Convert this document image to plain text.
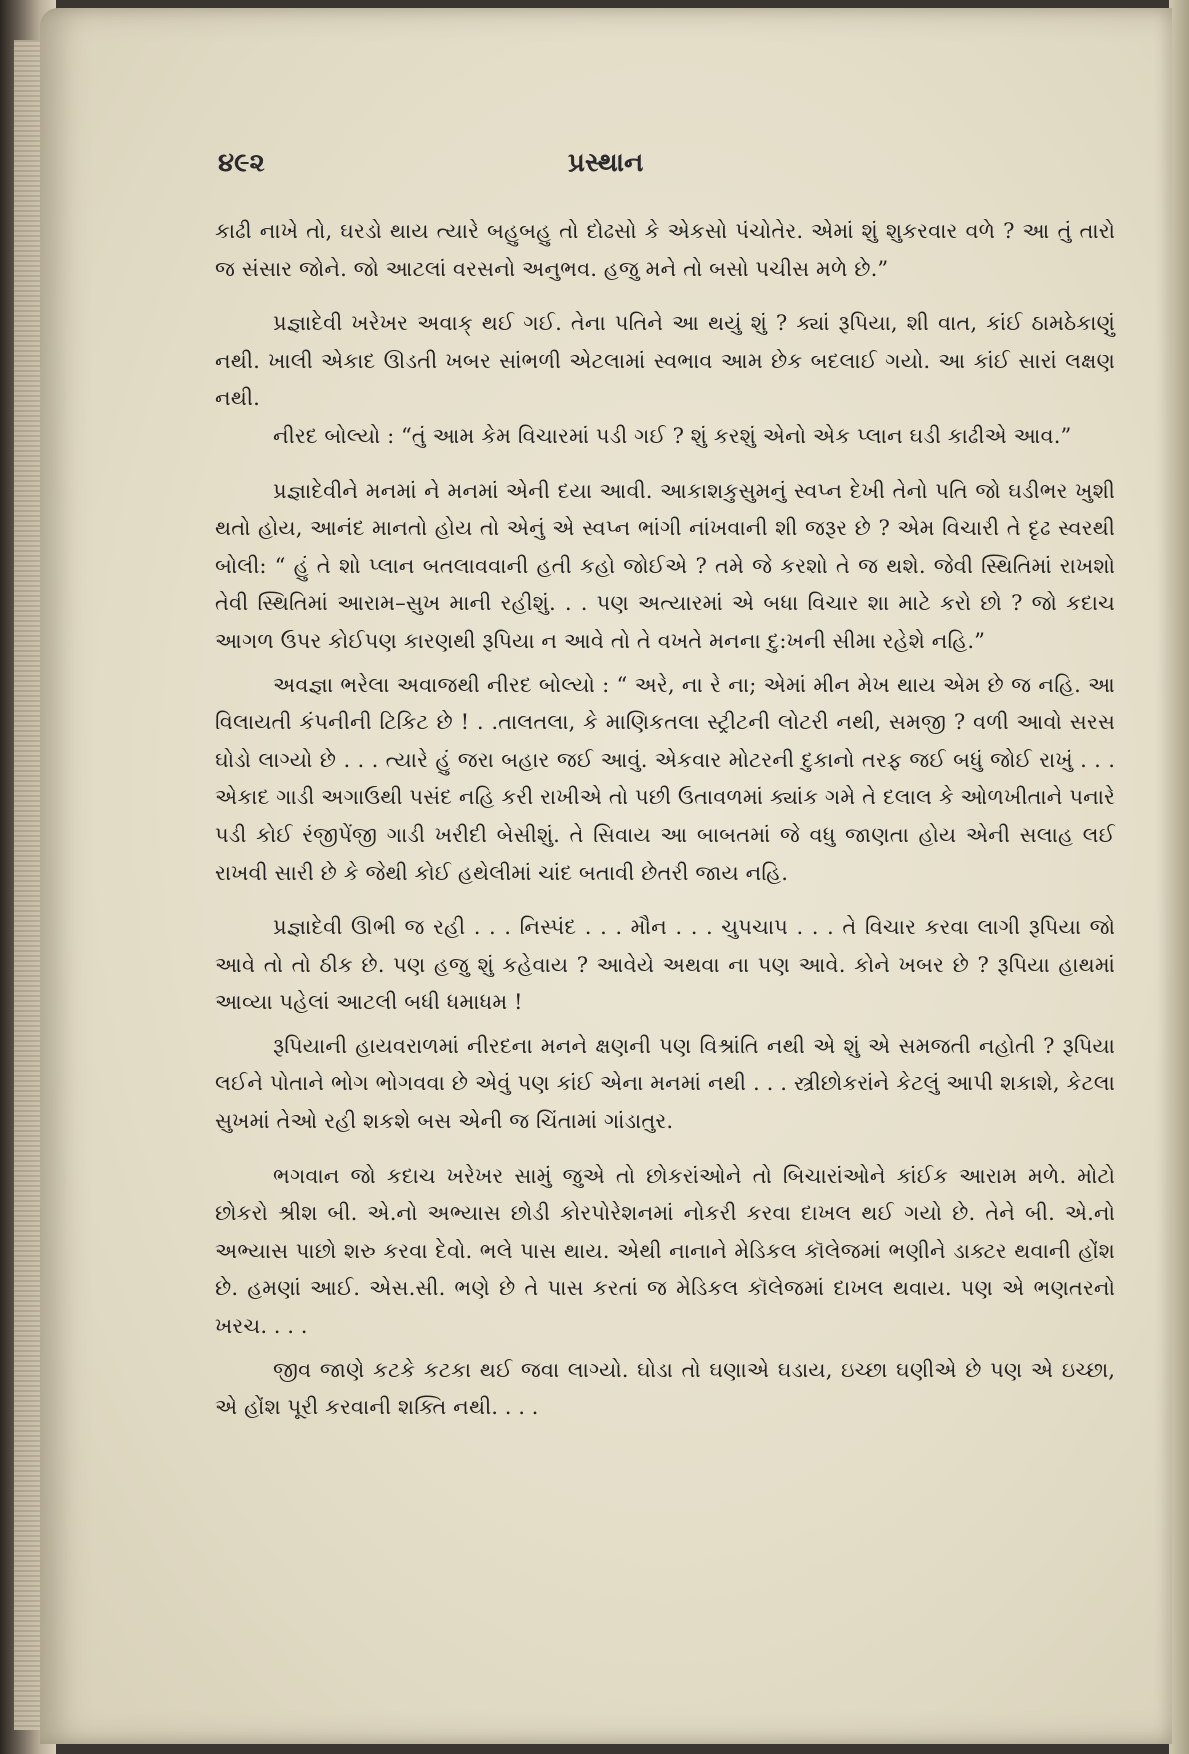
૪૯૨	પ્રસ્થાન

કાઢી નાખે તો, ઘરડો થાય ત્યારે બહુબહુ તો દોઢસો કે એકસો પંચોતેર. એમાં શું શુકરવાર વળે ? આ તું તારો જ સંસાર જોને. જો આટલાં વરસનો અનુભવ. હજુ મને તો બસો પચીસ મળે છે.”

પ્રજ્ઞાદેવી ખરેખર અવાક્‌ થઈ ગઈ. તેના પતિને આ થયું શું ? ક્યાં રૂપિયા, શી વાત, કાંઈ ઠામઠેકાણું નથી. ખાલી એકાદ ઊડતી ખબર સાંભળી એટલામાં સ્વભાવ આમ છેક બદલાઈ ગયો. આ કાંઈ સારાં લક્ષણ નથી.

નીરદ બોલ્યો : “તું આમ કેમ વિચારમાં પડી ગઈ ? શું કરશું એનો એક પ્લાન ઘડી કાઢીએ આવ.”

પ્રજ્ઞાદેવીને મનમાં ને મનમાં એની દયા આવી. આકાશકુસુમનું સ્વપ્ન દેખી તેનો પતિ જો ઘડીભર ખુશી થતો હોય, આનંદ માનતો હોય તો એનું એ સ્વપ્ન ભાંગી નાંખવાની શી જરૂર છે ? એમ વિચારી તે દૃઢ સ્વરથી બોલી: “ હું તે શો પ્લાન બતલાવવાની હતી કહો જોઈએ ? તમે જે કરશો તે જ થશે. જેવી સ્થિતિમાં રાખશો તેવી સ્થિતિમાં આરામ–સુખ માની રહીશું. . . પણ અત્યારમાં એ બધા વિચાર શા માટે કરો છો ? જો કદાચ આગળ ઉપર કોઈપણ કારણથી રૂપિયા ન આવે તો તે વખતે મનના દુ:ખની સીમા રહેશે નહિ.”

અવજ્ઞા ભરેલા અવાજથી નીરદ બોલ્યો : “ અરે, ના રે ના; એમાં મીન મેખ થાય એમ છે જ નહિ. આ વિલાયતી કંપનીની ટિકિટ છે ! . .તાલતલા, કે માણિકતલા સ્ટ્રીટની લોટરી નથી, સમજી ? વળી આવો સરસ ઘોડો લાગ્યો છે . . . ત્યારે હું જરા બહાર જઈ આવું. એકવાર મોટરની દુકાનો તરફ જઈ બધું જોઈ રાખું . . . એકાદ ગાડી અગાઉથી પસંદ નહિ કરી રાખીએ તો પછી ઉતાવળમાં ક્યાંક ગમે તે દલાલ કે ઓળખીતાને પનારે પડી કોઈ રંજીપેંજી ગાડી ખરીદી બેસીશું. તે સિવાય આ બાબતમાં જે વધુ જાણતા હોય એની સલાહ લઈ રાખવી સારી છે કે જેથી કોઈ હથેલીમાં ચાંદ બતાવી છેતરી જાય નહિ.

પ્રજ્ઞાદેવી ઊભી જ રહી . . . નિસ્પંદ . . . મૌન . . . ચુપચાપ . . . તે વિચાર કરવા લાગી રૂપિયા જો આવે તો તો ઠીક છે. પણ હજુ શું કહેવાય ? આવેયે અથવા ના પણ આવે. કોને ખબર છે ? રૂપિયા હાથમાં આવ્યા પહેલાં આટલી બધી ધમાધમ !

રૂપિયાની હાયવરાળમાં નીરદના મનને ક્ષણની પણ વિશ્રાંતિ નથી એ શું એ સમજતી નહોતી ? રૂપિયા લઈને પોતાને ભોગ ભોગવવા છે એવું પણ કાંઈ એના મનમાં નથી . . . સ્ત્રીછોકરાંને કેટલું આપી શકાશે, કેટલા સુખમાં તેઓ રહી શકશે બસ એની જ ચિંતામાં ગાંડાતુર.

ભગવાન જો કદાચ ખરેખર સામું જુએ તો છોકરાંઓને તો બિચારાંઓને કાંઈક આરામ મળે. મોટો છોકરો શ્રીશ બી. એ.નો અભ્યાસ છોડી કોરપોરેશનમાં નોકરી કરવા દાખલ થઈ ગયો છે. તેને બી. એ.નો અભ્યાસ પાછો શરુ કરવા દેવો. ભલે પાસ થાય. એથી નાનાને મેડિકલ કૉલેજમાં ભણીને ડાક્ટર થવાની હોંશ છે. હમણાં આઈ. એસ.સી. ભણે છે તે પાસ કરતાં જ મેડિકલ કૉલેજમાં દાખલ થવાય. પણ એ ભણતરનો ખરચ. . . .

જીવ જાણે કટકે કટકા થઈ જવા લાગ્યો. ઘોડા તો ઘણાએ ઘડાય, ઇચ્છા ઘણીએ છે પણ એ ઇચ્છા, એ હોંશ પૂરી કરવાની શક્તિ નથી. . . .
